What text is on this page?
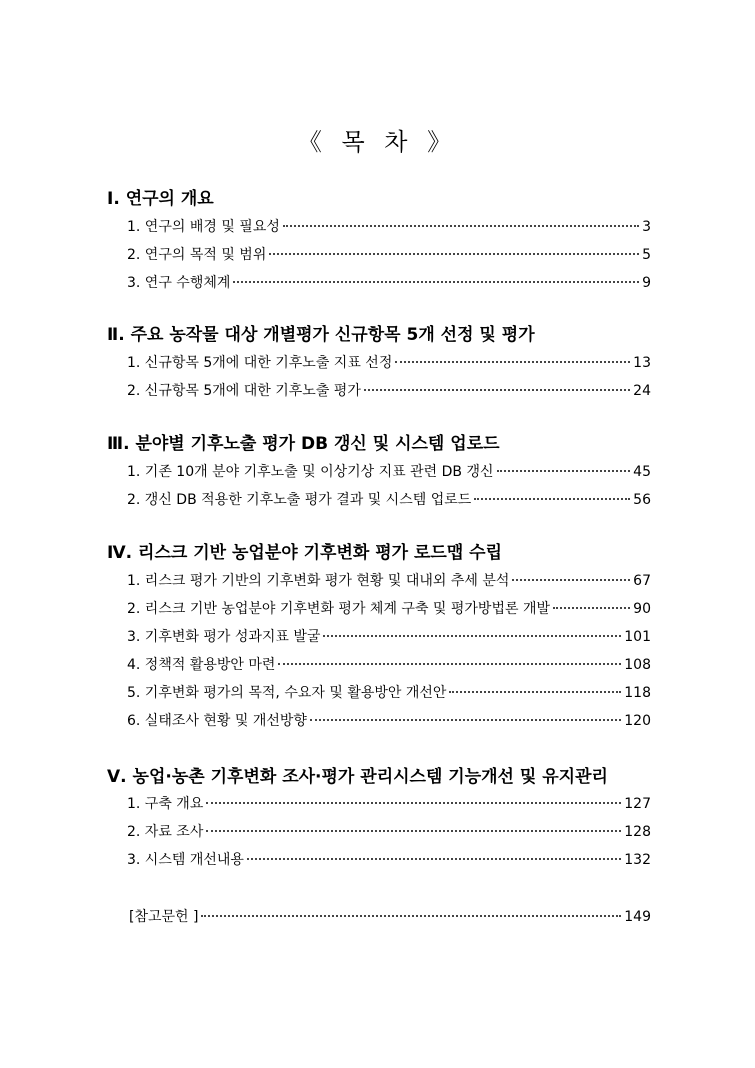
《 목 차 》
Ⅰ. 연구의 개요
1. 연구의 배경 및 필요성	3
2. 연구의 목적 및 범위	5
3. 연구 수행체계	9
Ⅱ. 주요 농작물 대상 개별평가 신규항목 5개 선정 및 평가
1. 신규항목 5개에 대한 기후노출 지표 선정	13
2. 신규항목 5개에 대한 기후노출 평가	24
Ⅲ. 분야별 기후노출 평가 DB 갱신 및 시스템 업로드
1. 기존 10개 분야 기후노출 및 이상기상 지표 관련 DB 갱신	45
2. 갱신 DB 적용한 기후노출 평가 결과 및 시스템 업로드	56
Ⅳ. 리스크 기반 농업분야 기후변화 평가 로드맵 수립
1. 리스크 평가 기반의 기후변화 평가 현황 및 대내외 추세 분석	67
2. 리스크 기반 농업분야 기후변화 평가 체계 구축 및 평가방법론 개발	90
3. 기후변화 평가 성과지표 발굴	101
4. 정책적 활용방안 마련	108
5. 기후변화 평가의 목적, 수요자 및 활용방안 개선안	118
6. 실태조사 현황 및 개선방향	120
Ⅴ. 농업·농촌 기후변화 조사·평가 관리시스템 기능개선 및 유지관리
1. 구축 개요	127
2. 자료 조사	128
3. 시스템 개선내용	132
[참고문헌 ]	149
